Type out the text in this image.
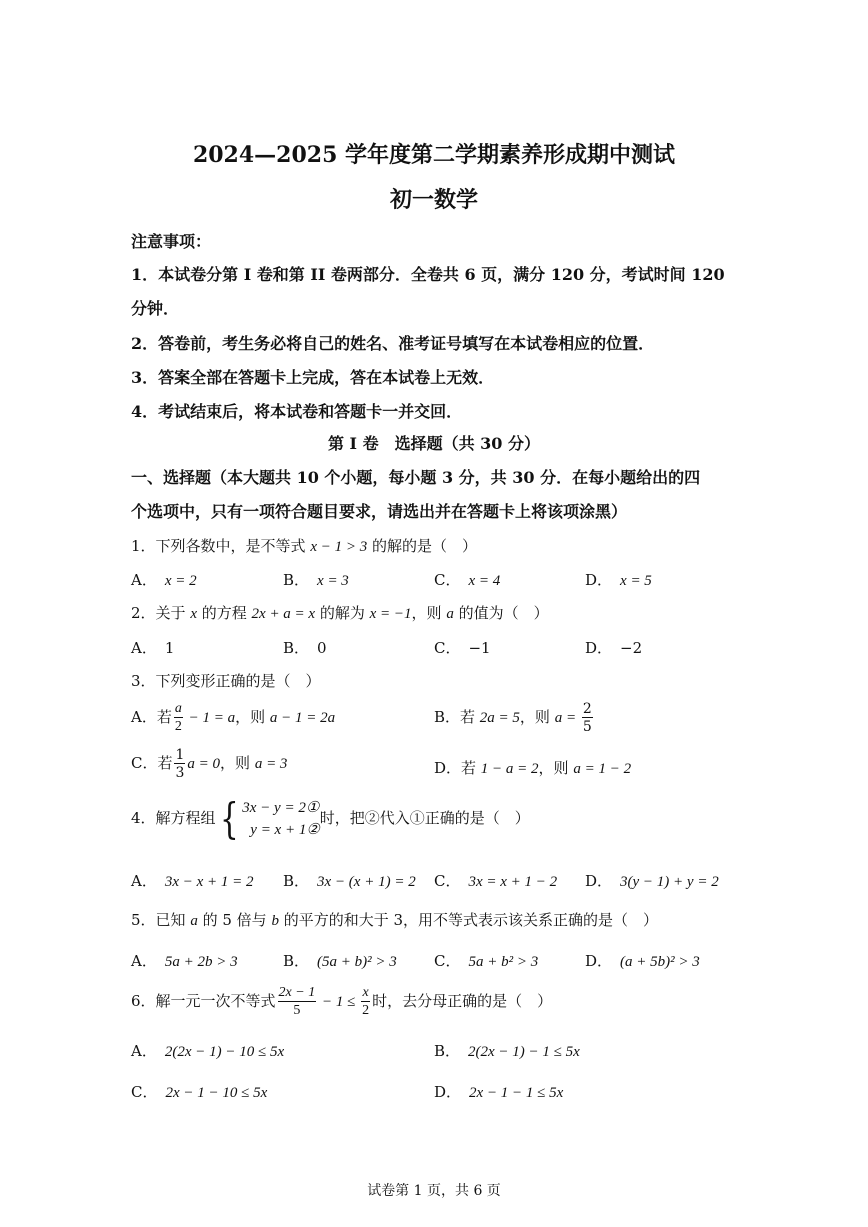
2024—2025 学年度第二学期素养形成期中测试
初一数学
注意事项：
1．本试卷分第 I 卷和第 II 卷两部分．全卷共 6 页，满分 120 分，考试时间 120
分钟．
2．答卷前，考生务必将自己的姓名、准考证号填写在本试卷相应的位置．
3．答案全部在答题卡上完成，答在本试卷上无效．
4．考试结束后，将本试卷和答题卡一并交回．
第 I 卷　选择题（共 30 分）
一、选择题（本大题共 10 个小题，每小题 3 分，共 30 分．在每小题给出的四
个选项中，只有一项符合题目要求，请选出并在答题卡上将该项涂黑）
1．下列各数中，是不等式 x − 1 > 3 的解的是（　）
A． x = 2	B． x = 3	C． x = 4	D． x = 5
2．关于 x 的方程 2x + a = x 的解为 x = −1，则 a 的值为（　）
A． 1	B． 0	C． −1	D． −2
3．下列变形正确的是（　）
A．若 $\frac{a}{2} - 1 = a$，则 a − 1 = 2a	B．若 2a = 5，则 $a = \frac{2}{5}$
C．若 $\frac{1}{3}$ a = 0，则 a = 3	D．若 1 − a = 2，则 a = 1 − 2
4．解方程组{ 3x − y = 2①
y = x + 1②
时，把②代入①正确的是（　）
A． 3x − x + 1 = 2 B． 3x − (x + 1) = 2 C． 3x = x + 1 − 2 D． 3(y − 1) + y = 2
5．已知 a 的 5 倍与 b 的平方的和大于 3，用不等式表示该关系正确的是（　）
A． 5a + 2b > 3	B． (5a + b)² > 3 C． 5a + b² > 3	D． (a + 5b)² > 3
6．解一元一次不等式 $\frac{2x - 1}{5} - 1 \le \frac{x}{2}$ 时，去分母正确的是（　）
A． 2(2x − 1) − 10 ≤ 5x	B． 2(2x − 1) − 1 ≤ 5x
C． 2x − 1 − 10 ≤ 5x	D． 2x − 1 − 1 ≤ 5x
试卷第 1 页，共 6 页
